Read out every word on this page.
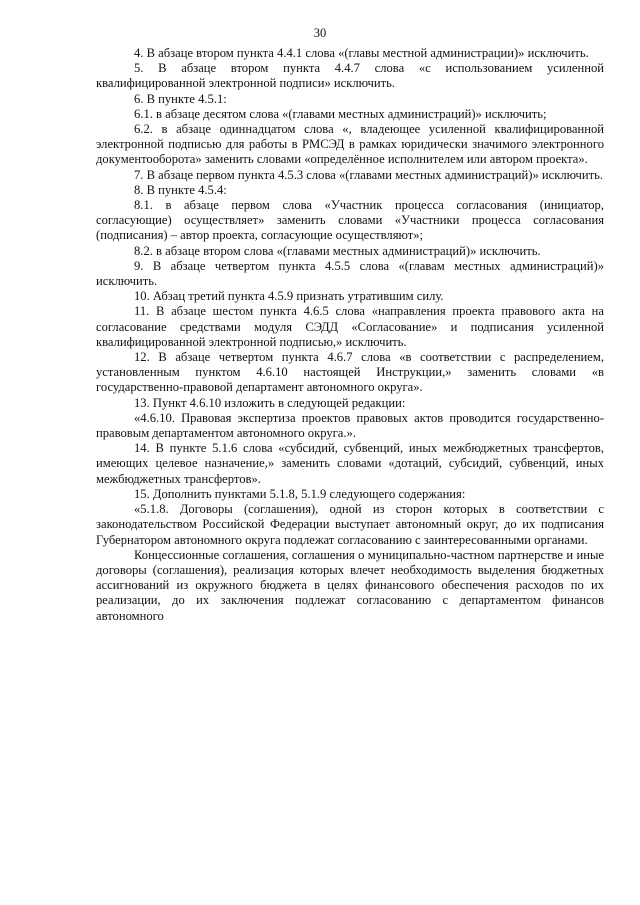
30

4. В абзаце втором пункта 4.4.1 слова «(главы местной администрации)» исключить.

5. В абзаце втором пункта 4.4.7 слова «с использованием усиленной квалифицированной электронной подписи» исключить.

6. В пункте 4.5.1:

6.1. в абзаце десятом слова «(главами местных администраций)» исключить;

6.2. в абзаце одиннадцатом слова «, владеющее усиленной квалифицированной электронной подписью для работы в РМСЭД в рамках юридически значимого электронного документооборота» заменить словами «определённое исполнителем или автором проекта».

7. В абзаце первом пункта 4.5.3 слова «(главами местных администраций)» исключить.

8. В пункте 4.5.4:

8.1. в абзаце первом слова «Участник процесса согласования (инициатор, согласующие) осуществляет» заменить словами «Участники процесса согласования (подписания) – автор проекта, согласующие осуществляют»;

8.2. в абзаце втором слова «(главами местных администраций)» исключить.

9. В абзаце четвертом пункта 4.5.5 слова «(главам местных администраций)» исключить.

10. Абзац третий пункта 4.5.9 признать утратившим силу.

11. В абзаце шестом пункта 4.6.5 слова «направления проекта правового акта на согласование средствами модуля СЭДД «Согласование» и подписания усиленной квалифицированной электронной подписью,» исключить.

12. В абзаце четвертом пункта 4.6.7 слова «в соответствии с распределением, установленным пунктом 4.6.10 настоящей Инструкции,» заменить словами «в государственно-правовой департамент автономного округа».

13. Пункт 4.6.10 изложить в следующей редакции:

«4.6.10. Правовая экспертиза проектов правовых актов проводится государственно-правовым департаментом автономного округа.».

14. В пункте 5.1.6 слова «субсидий, субвенций, иных межбюджетных трансфертов, имеющих целевое назначение,» заменить словами «дотаций, субсидий, субвенций, иных межбюджетных трансфертов».

15. Дополнить пунктами 5.1.8, 5.1.9 следующего содержания:

«5.1.8. Договоры (соглашения), одной из сторон которых в соответствии с законодательством Российской Федерации выступает автономный округ, до их подписания Губернатором автономного округа подлежат согласованию с заинтересованными органами.

Концессионные соглашения, соглашения о муниципально-частном партнерстве и иные договоры (соглашения), реализация которых влечет необходимость выделения бюджетных ассигнований из окружного бюджета в целях финансового обеспечения расходов по их реализации, до их заключения подлежат согласованию с департаментом финансов автономного
